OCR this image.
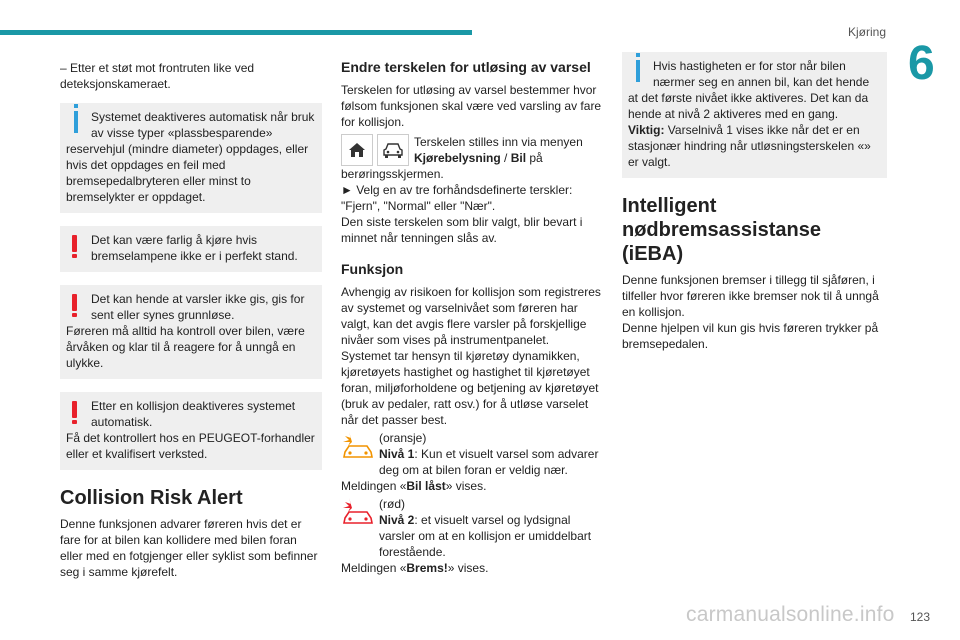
Kjøring
6

– Etter et støt mot frontruten like ved deteksjonskameraet.

Systemet deaktiveres automatisk når bruk av visse typer «plassbesparende»

reservehjul (mindre diameter) oppdages, eller hvis det oppdages en feil med bremsepedalbryteren eller minst to bremselykter er oppdaget.

Det kan være farlig å kjøre hvis bremselampene ikke er i perfekt stand.

Det kan hende at varsler ikke gis, gis for sent eller synes grunnløse.

Føreren må alltid ha kontroll over bilen, være årvåken og klar til å reagere for å unngå en ulykke.

Etter en kollisjon deaktiveres systemet automatisk.

Få det kontrollert hos en PEUGEOT-forhandler eller et kvalifisert verksted.

Collision Risk Alert

Denne funksjonen advarer føreren hvis det er fare for at bilen kan kollidere med bilen foran eller med en fotgjenger eller syklist som befinner seg i samme kjørefelt.

Endre terskelen for utløsing av varsel

Terskelen for utløsing av varsel bestemmer hvor følsom funksjonen skal være ved varsling av fare for kollisjon.

Terskelen stilles inn via menyen

Kjørebelysning / Bil på

berøringsskjermen.

► Velg en av tre forhåndsdefinerte terskler: "Fjern", "Normal" eller "Nær".

Den siste terskelen som blir valgt, blir bevart i minnet når tenningen slås av.

Funksjon

Avhengig av risikoen for kollisjon som registreres av systemet og varselnivået som føreren har valgt, kan det avgis flere varsler på forskjellige nivåer som vises på instrumentpanelet.

Systemet tar hensyn til kjøretøy dynamikken, kjøretøyets hastighet og hastighet til kjøretøyet foran, miljøforholdene og betjening av kjøretøyet (bruk av pedaler, ratt osv.) for å utløse varselet når det passer best.

(oransje)

Nivå 1: Kun et visuelt varsel som advarer deg om at bilen foran er veldig nær.

Meldingen «Bil låst» vises.

(rød)

Nivå 2: et visuelt varsel og lydsignal varsler om at en kollisjon er umiddelbart forestående.

Meldingen «Brems!» vises.

Hvis hastigheten er for stor når bilen nærmer seg en annen bil, kan det hende

at det første nivået ikke aktiveres. Det kan da hende at nivå 2 aktiveres med en gang.

Viktig: Varselnivå 1 vises ikke når det er en stasjonær hindring når utløsningsterskelen «» er valgt.

Intelligent nødbremsassistanse (iEBA)

Denne funksjonen bremser i tillegg til sjåføren, i tilfeller hvor føreren ikke bremser nok til å unngå en kollisjon.

Denne hjelpen vil kun gis hvis føreren trykker på bremsepedalen.

123
carmanualsonline.info
